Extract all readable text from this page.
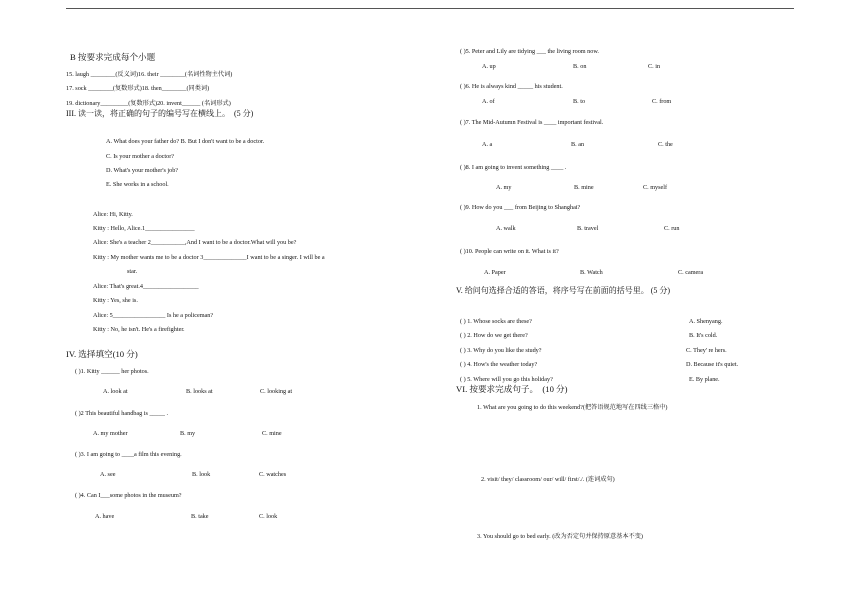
B 按要求完成每个小题
15. laugh ________(反义词)16. their ________(名词性物主代词)
17. sock ________(复数形式)18. then________(同类词)
19. dictionary_________(复数形式)20. invent______ (名词形式)
III. 读一读，将正确的句子的编号写在横线上。　(5 分)
A. What does your father do? B. But I don't want to be a doctor.
C. Is your mother a doctor?
D. What's your mother's job?
E. She works in a school.
Alice: Hi, Kitty.
Kitty : Hello, Alice.1________________
Alice: She's a teacher 2___________,And I want to be a doctor.What will you be?
Kitty : My mother wants me to be a doctor 3______________I want to be a singer. I will be a
star.
Alice: That's great.4__________________
Kitty : Yes, she is.
Alice: 5_________________ Is he a policeman?
Kitty : No, he isn't. He's a firefighter.
IV. 选择填空(10 分)
( )1. Kitty ______ her photos.
A. look at	B. looks at	C. looking at
( )2 This beautiful handbag is _____ .
A. my mother	B. my	C. mine
( )3. I am going to ____a film this evening.
A. see	B. look	C. watches
( )4. Can I___some photos in the museum?
A. have	B. take	C. look
( )5. Peter and Lily are tidying ___ the living room now.
A. up	B. on	C. in
( )6. He is always kind _____ his student.
A. of	B. to	C. from
( )7. The Mid-Autumn Festival is ____ important festival.
A. a	B. an	C. the
( )8. I am going to invent something ____ .
A. my	B. mine	C. myself
( )9. How do you ___ from Beijing to Shanghai?
A. walk	B. travel	C. run
( )10. People can write on it. What is it?
A. Paper	B. Watch	C. camera
V. 给问句选择合适的答语，将序号写在前面的括号里。 (5 分)
( ) 1. Whose socks are these?	A. Shenyang.
( ) 2. How do we get there?	B. It's cold.
( ) 3. Why do you like the study?	C. They' re hers.
( ) 4. How's the weather today?	D. Because it's quiet.
( ) 5. Where will you go this holiday?	E. By plane.
VI. 按要求完成句子。　(10 分)
1. What are you going to do this weekend?(把答语规范地写在四线三格中)
2. visit/ they/ classroom/ our/ will/ first/./. (连词成句)
3. You should go to bed early. (改为否定句并保持原意基本不变)
